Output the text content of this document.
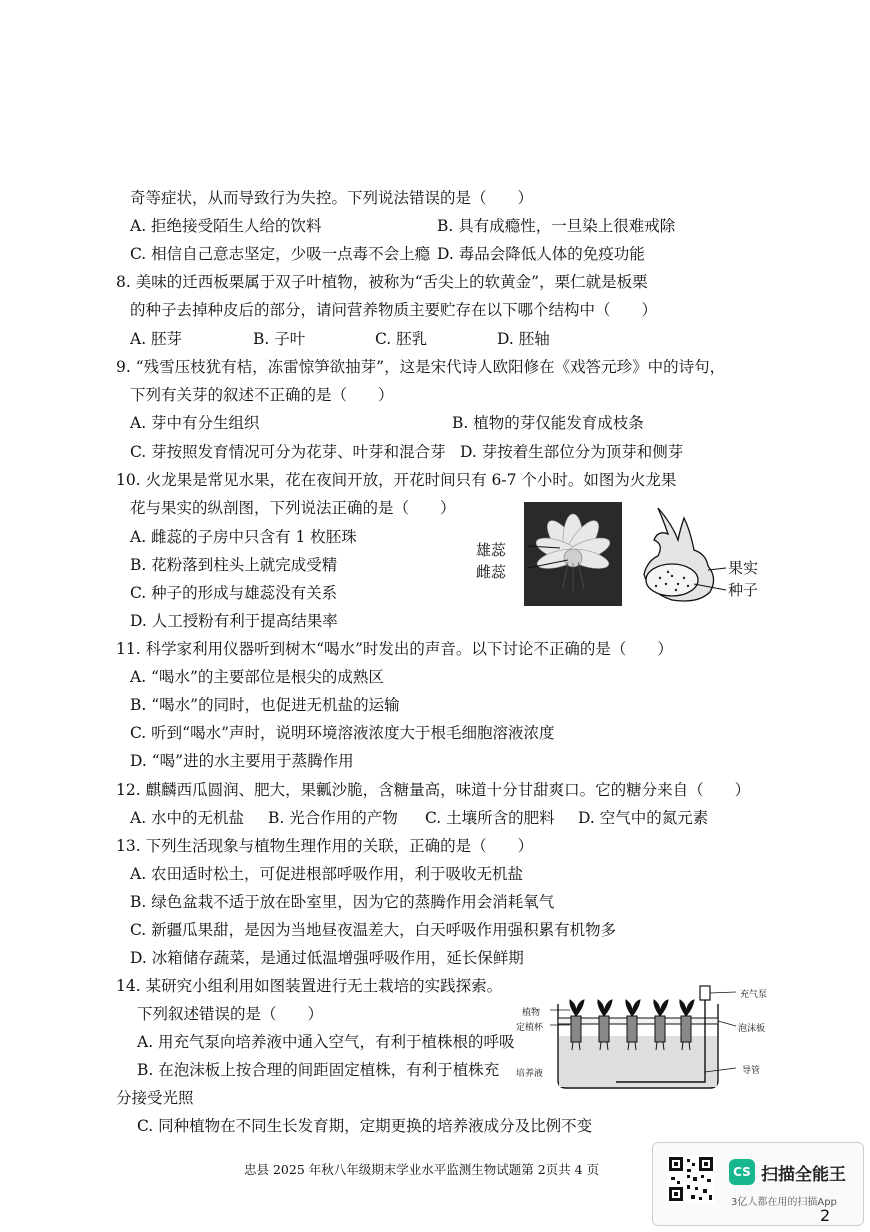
奇等症状，从而导致行为失控。下列说法错误的是（　　）
A. 拒绝接受陌生人给的饮料	B. 具有成瘾性，一旦染上很难戒除
C. 相信自己意志坚定，少吸一点毒不会上瘾 D. 毒品会降低人体的免疫功能
8. 美味的迁西板栗属于双子叶植物，被称为“舌尖上的软黄金”，栗仁就是板栗
的种子去掉种皮后的部分，请问营养物质主要贮存在以下哪个结构中（　　）
A. 胚芽	B. 子叶	C. 胚乳	D. 胚轴
9. “残雪压枝犹有桔，冻雷惊笋欲抽芽”，这是宋代诗人欧阳修在《戏答元珍》中的诗句，
下列有关芽的叙述不正确的是（　　）
A. 芽中有分生组织	B. 植物的芽仅能发育成枝条
C. 芽按照发育情况可分为花芽、叶芽和混合芽 D. 芽按着生部位分为顶芽和侧芽
10. 火龙果是常见水果，花在夜间开放，开花时间只有 6-7 个小时。如图为火龙果
花与果实的纵剖图，下列说法正确的是（　　）
A. 雌蕊的子房中只含有 1 枚胚珠
B. 花粉落到柱头上就完成受精
C. 种子的形成与雄蕊没有关系
D. 人工授粉有利于提高结果率
雄蕊
雌蕊	果实
种子
11. 科学家利用仪器听到树木“喝水”时发出的声音。以下讨论不正确的是（　　）
A. “喝水”的主要部位是根尖的成熟区
B. “喝水”的同时，也促进无机盐的运输
C. 听到“喝水”声时，说明环境溶液浓度大于根毛细胞溶液浓度
D. “喝”进的水主要用于蒸腾作用
12. 麒麟西瓜圆润、肥大，果瓤沙脆，含糖量高，味道十分甘甜爽口。它的糖分来自（　　）
A. 水中的无机盐 B. 光合作用的产物 C. 土壤所含的肥料 D. 空气中的氮元素
13. 下列生活现象与植物生理作用的关联，正确的是（　　）
A. 农田适时松土，可促进根部呼吸作用，利于吸收无机盐
B. 绿色盆栽不适于放在卧室里，因为它的蒸腾作用会消耗氧气
C. 新疆瓜果甜，是因为当地昼夜温差大，白天呼吸作用强积累有机物多
D. 冰箱储存蔬菜，是通过低温增强呼吸作用，延长保鲜期
14. 某研究小组利用如图装置进行无土栽培的实践探索。
下列叙述错误的是（　　）
A. 用充气泵向培养液中通入空气，有利于植株根的呼吸
B. 在泡沫板上按合理的间距固定植株，有利于植株充
分接受光照
C. 同种植物在不同生长发育期，定期更换的培养液成分及比例不变
充气泵
植物
定植杯	泡沫板
培养液	导管
忠县 2025 年秋八年级期末学业水平监测生物试题第 2页共 4 页	CS 扫描全能王
3亿人都在用的扫描App
2
